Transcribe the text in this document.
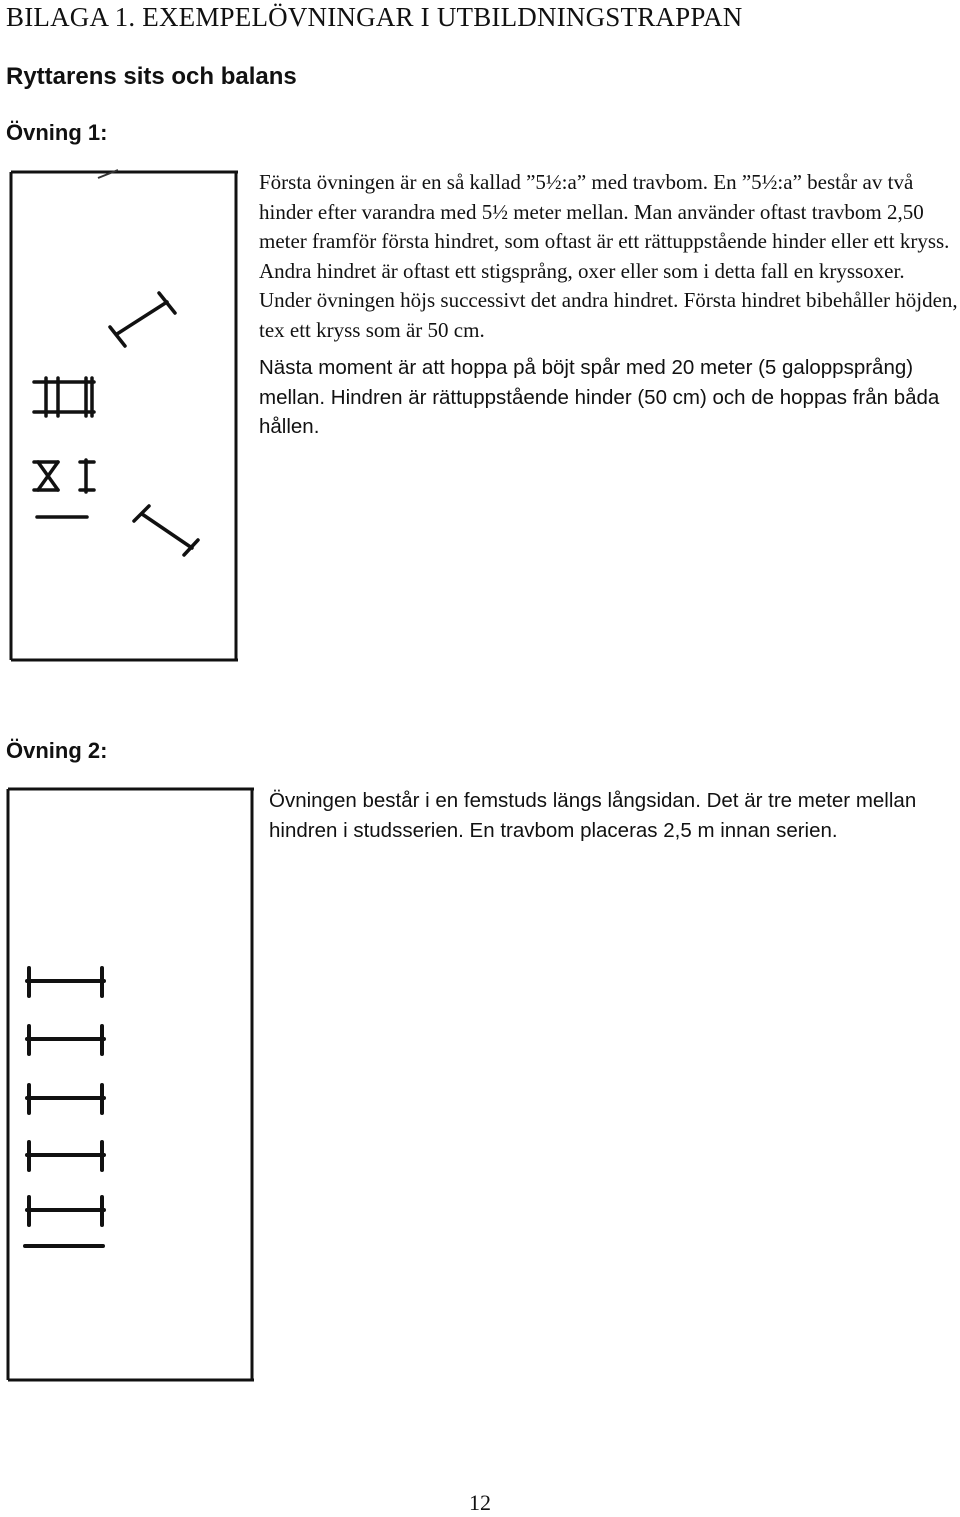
BILAGA 1. EXEMPELÖVNINGAR I UTBILDNINGSTRAPPAN
Ryttarens sits och balans
Övning 1:

Första övningen är en så kallad ”5½:a” med travbom. En ”5½:a” består av två hinder efter varandra med 5½ meter mellan. Man använder oftast travbom 2,50 meter framför första hindret, som oftast är ett rättuppstående hinder eller ett kryss. Andra hindret är oftast ett stigsprång, oxer eller som i detta fall en kryssoxer. Under övningen höjs successivt det andra hindret. Första hindret bibehåller höjden, tex ett kryss som är 50 cm.

Nästa moment är att hoppa på böjt spår med 20 meter (5 galoppsprång) mellan. Hindren är rättuppstående hinder (50 cm) och de hoppas från båda hållen.

Övning 2:

Övningen består i en femstuds längs långsidan. Det är tre meter mellan hindren i studsserien. En travbom placeras 2,5 m innan serien.

12
